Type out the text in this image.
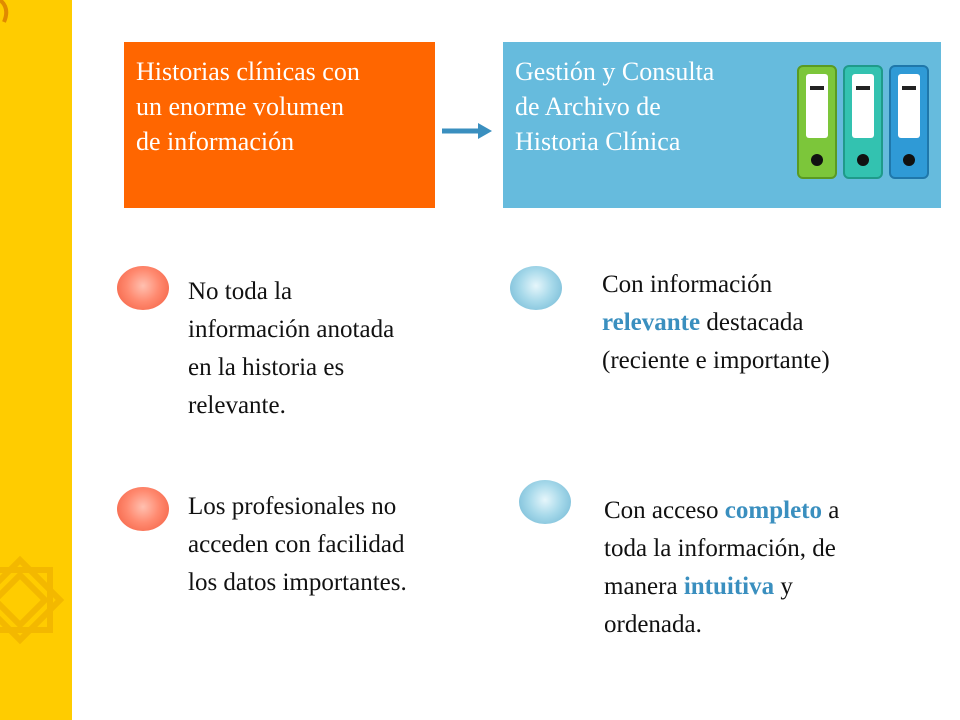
Historias clínicas con
un enorme volumen
de información
Gestión y Consulta
de Archivo de
Historia Clínica
No toda la
información anotada
en la historia es
relevante.
Los profesionales no
acceden con facilidad
los datos importantes.
Con información
relevante destacada
(reciente e importante)
Con acceso completo a
toda la información, de
manera intuitiva y
ordenada.
